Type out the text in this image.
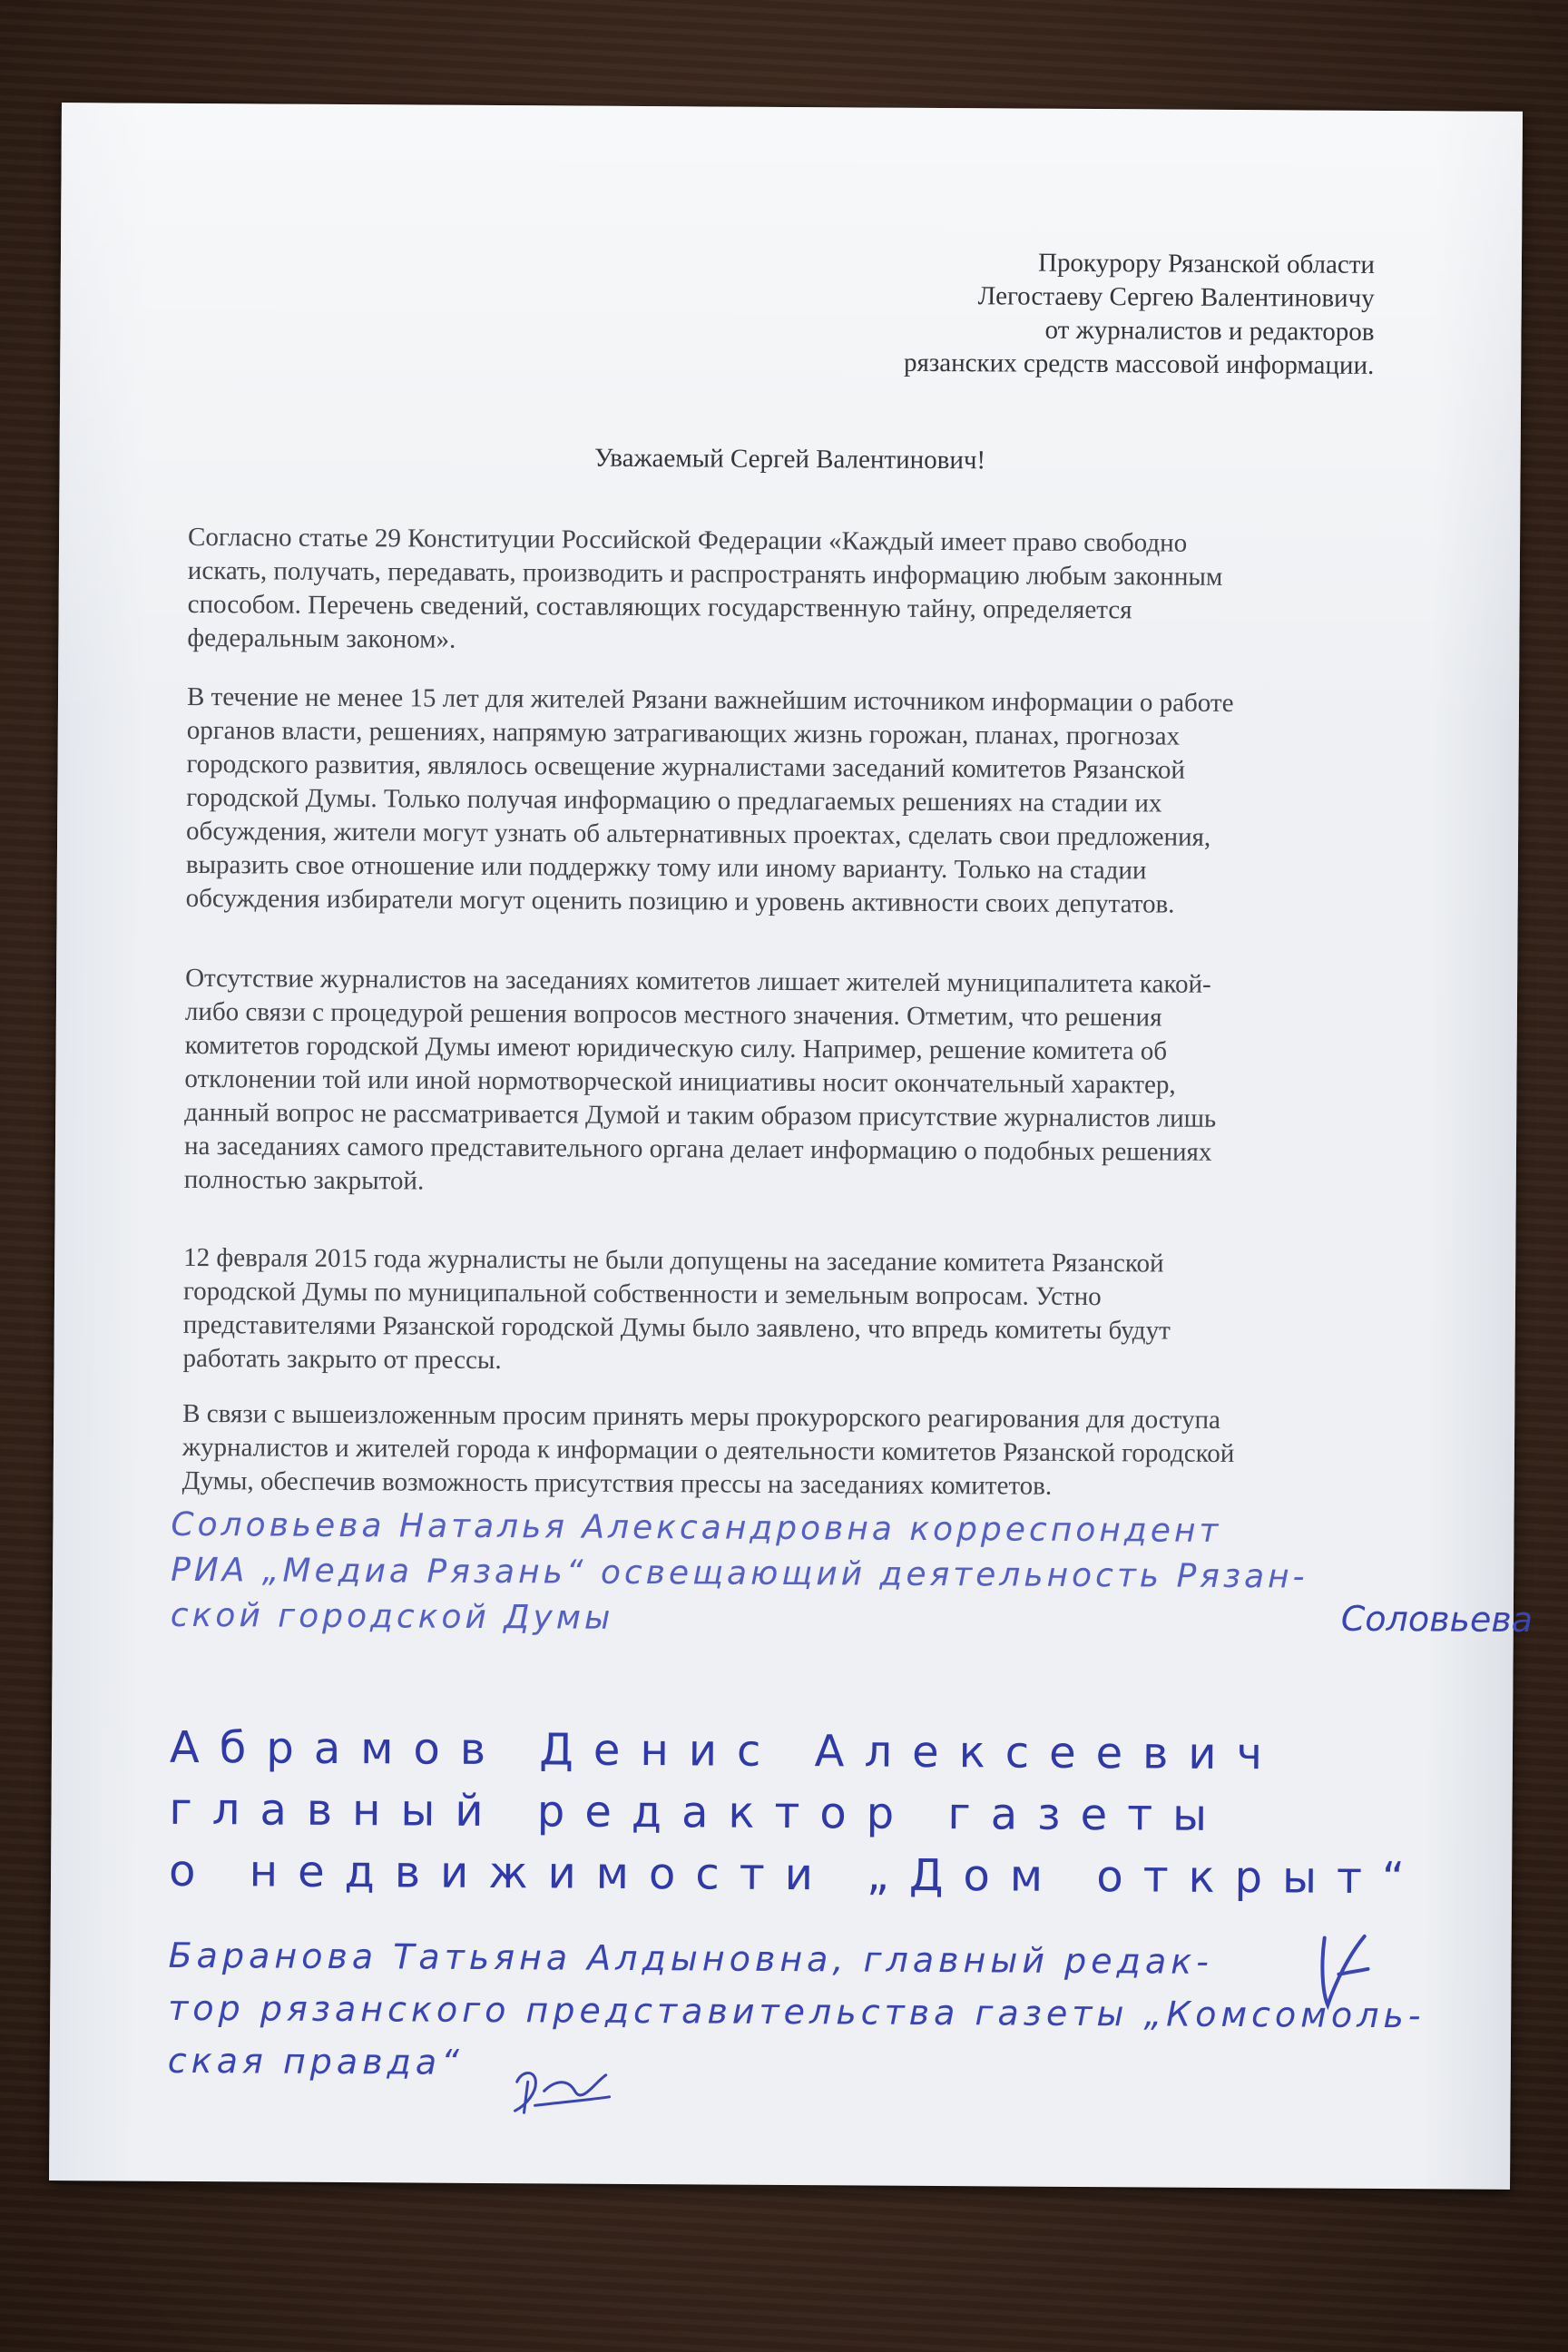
Прокурору Рязанской области
Легостаеву Сергею Валентиновичу
от журналистов и редакторов
рязанских средств массовой информации.
Уважаемый Сергей Валентинович!
Согласно статье 29 Конституции Российской Федерации «Каждый имеет право свободно
искать, получать, передавать, производить и распространять информацию любым законным
способом. Перечень сведений, составляющих государственную тайну, определяется
федеральным законом».
В течение не менее 15 лет для жителей Рязани важнейшим источником информации о работе
органов власти, решениях, напрямую затрагивающих жизнь горожан, планах, прогнозах
городского развития, являлось освещение журналистами заседаний комитетов Рязанской
городской Думы. Только получая информацию о предлагаемых решениях на стадии их
обсуждения, жители могут узнать об альтернативных проектах, сделать свои предложения,
выразить свое отношение или поддержку тому или иному варианту. Только на стадии
обсуждения избиратели могут оценить позицию и уровень активности своих депутатов.
Отсутствие журналистов на заседаниях комитетов лишает жителей муниципалитета какой-
либо связи с процедурой решения вопросов местного значения. Отметим, что решения
комитетов городской Думы имеют юридическую силу. Например, решение комитета об
отклонении той или иной нормотворческой инициативы носит окончательный характер,
данный вопрос не рассматривается Думой и таким образом присутствие журналистов лишь
на заседаниях самого представительного органа делает информацию о подобных решениях
полностью закрытой.
12 февраля 2015 года журналисты не были допущены на заседание комитета Рязанской
городской Думы по муниципальной собственности и земельным вопросам. Устно
представителями Рязанской городской Думы было заявлено, что впредь комитеты будут
работать закрыто от прессы.
В связи с вышеизложенным просим принять меры прокурорского реагирования для доступа
журналистов и жителей города к информации о деятельности комитетов Рязанской городской
Думы, обеспечив возможность присутствия прессы на заседаниях комитетов.
Соловьева Наталья Александровна корреспондент
РИА „Медиа Рязань“ освещающий деятельность Рязан-
ской городской Думы	Соловьева
Абрамов Денис Алексеевич
главный редактор газеты
о недвижимости „Дом открыт“
Баранова Татьяна Алдыновна, главный редак-
тор рязанского представительства газеты „Комсомоль-
ская правда“
